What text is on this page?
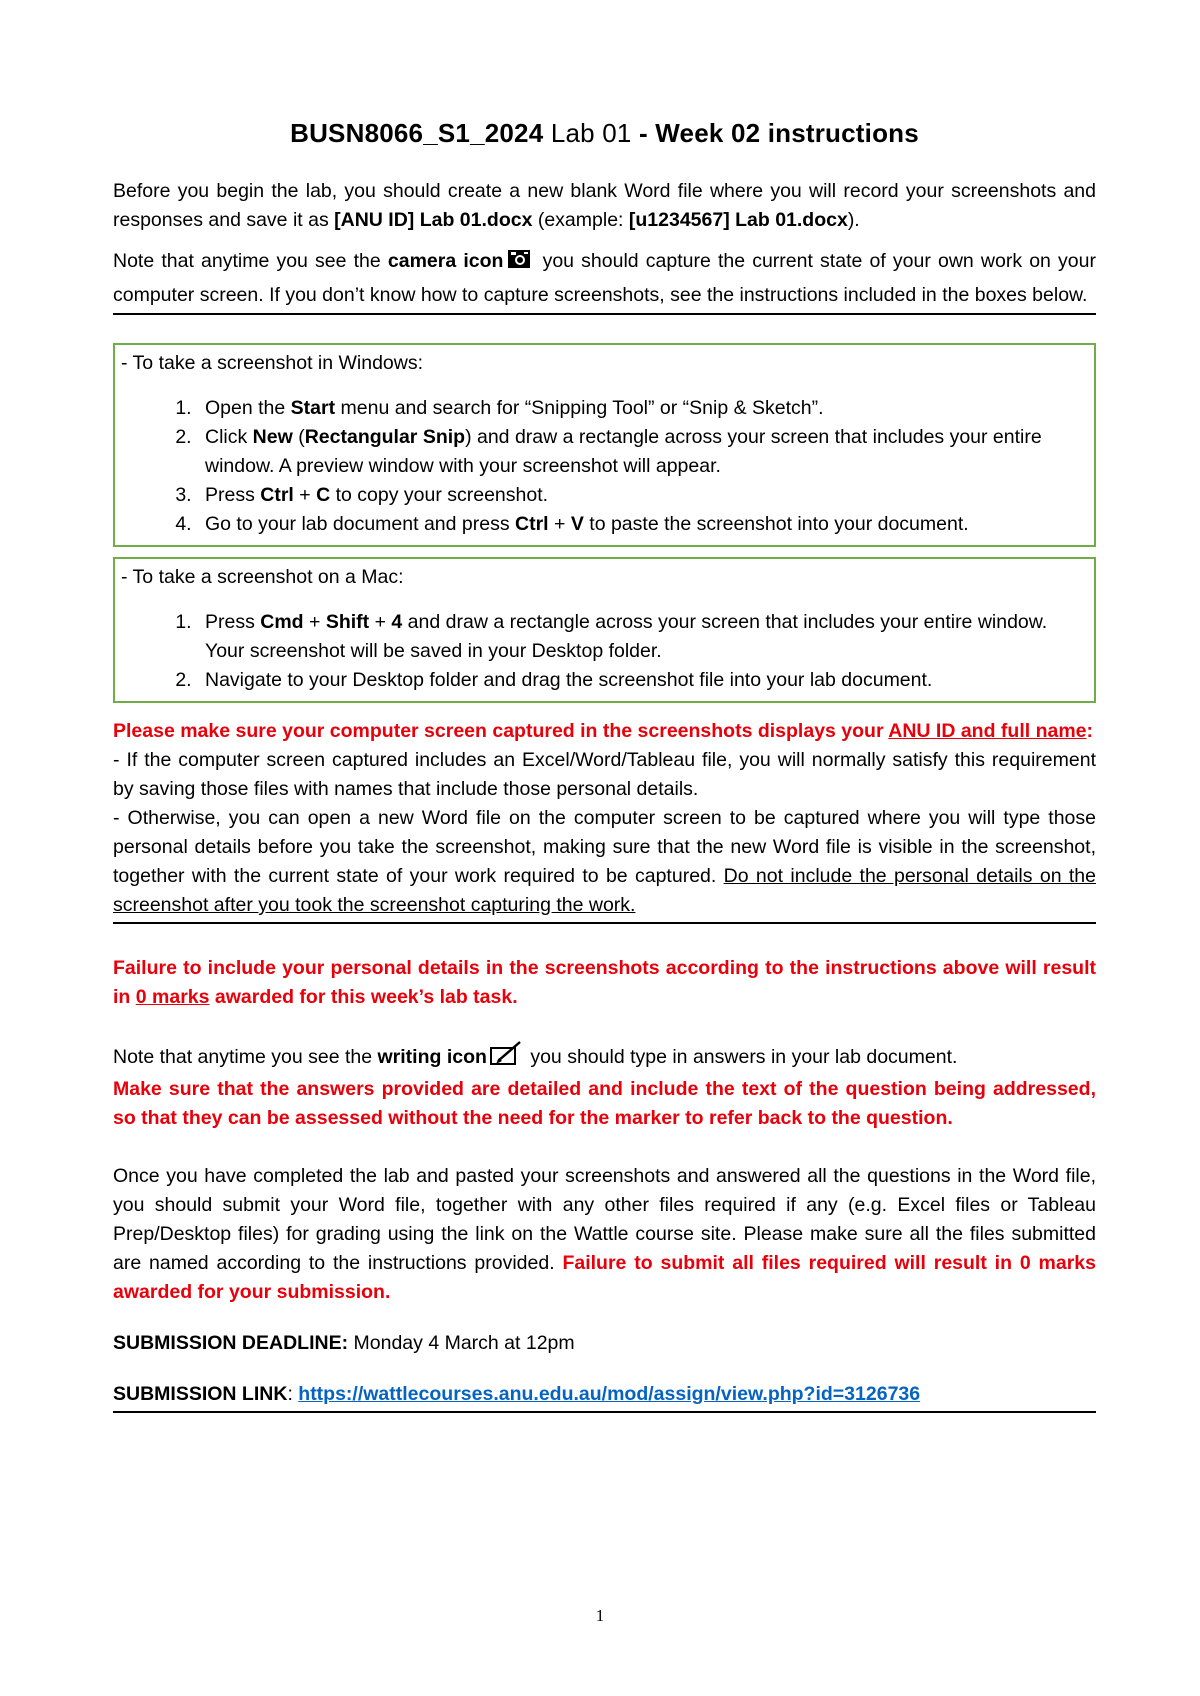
BUSN8066_S1_2024 Lab 01 - Week 02 instructions

Before you begin the lab, you should create a new blank Word file where you will record your screenshots and responses and save it as [ANU ID] Lab 01.docx (example: [u1234567] Lab 01.docx).

Note that anytime you see the camera icon you should capture the current state of your own work on your computer screen. If you don’t know how to capture screenshots, see the instructions included in the boxes below.

- To take a screenshot in Windows:

1. Open the Start menu and search for “Snipping Tool” or “Snip & Sketch”.
2. Click New (Rectangular Snip) and draw a rectangle across your screen that includes your entire window. A preview window with your screenshot will appear.
3. Press Ctrl + C to copy your screenshot.
4. Go to your lab document and press Ctrl + V to paste the screenshot into your document.

- To take a screenshot on a Mac:

1. Press Cmd + Shift + 4 and draw a rectangle across your screen that includes your entire window. Your screenshot will be saved in your Desktop folder.
2. Navigate to your Desktop folder and drag the screenshot file into your lab document.

Please make sure your computer screen captured in the screenshots displays your ANU ID and full name:

- If the computer screen captured includes an Excel/Word/Tableau file, you will normally satisfy this requirement by saving those files with names that include those personal details.

- Otherwise, you can open a new Word file on the computer screen to be captured where you will type those personal details before you take the screenshot, making sure that the new Word file is visible in the screenshot, together with the current state of your work required to be captured. Do not include the personal details on the screenshot after you took the screenshot capturing the work.

Failure to include your personal details in the screenshots according to the instructions above will result in 0 marks awarded for this week’s lab task.

Note that anytime you see the writing icon you should type in answers in your lab document.

Make sure that the answers provided are detailed and include the text of the question being addressed, so that they can be assessed without the need for the marker to refer back to the question.

Once you have completed the lab and pasted your screenshots and answered all the questions in the Word file, you should submit your Word file, together with any other files required if any (e.g. Excel files or Tableau Prep/Desktop files) for grading using the link on the Wattle course site. Please make sure all the files submitted are named according to the instructions provided. Failure to submit all files required will result in 0 marks awarded for your submission.

SUBMISSION DEADLINE: Monday 4 March at 12pm

SUBMISSION LINK: https://wattlecourses.anu.edu.au/mod/assign/view.php?id=3126736

1
